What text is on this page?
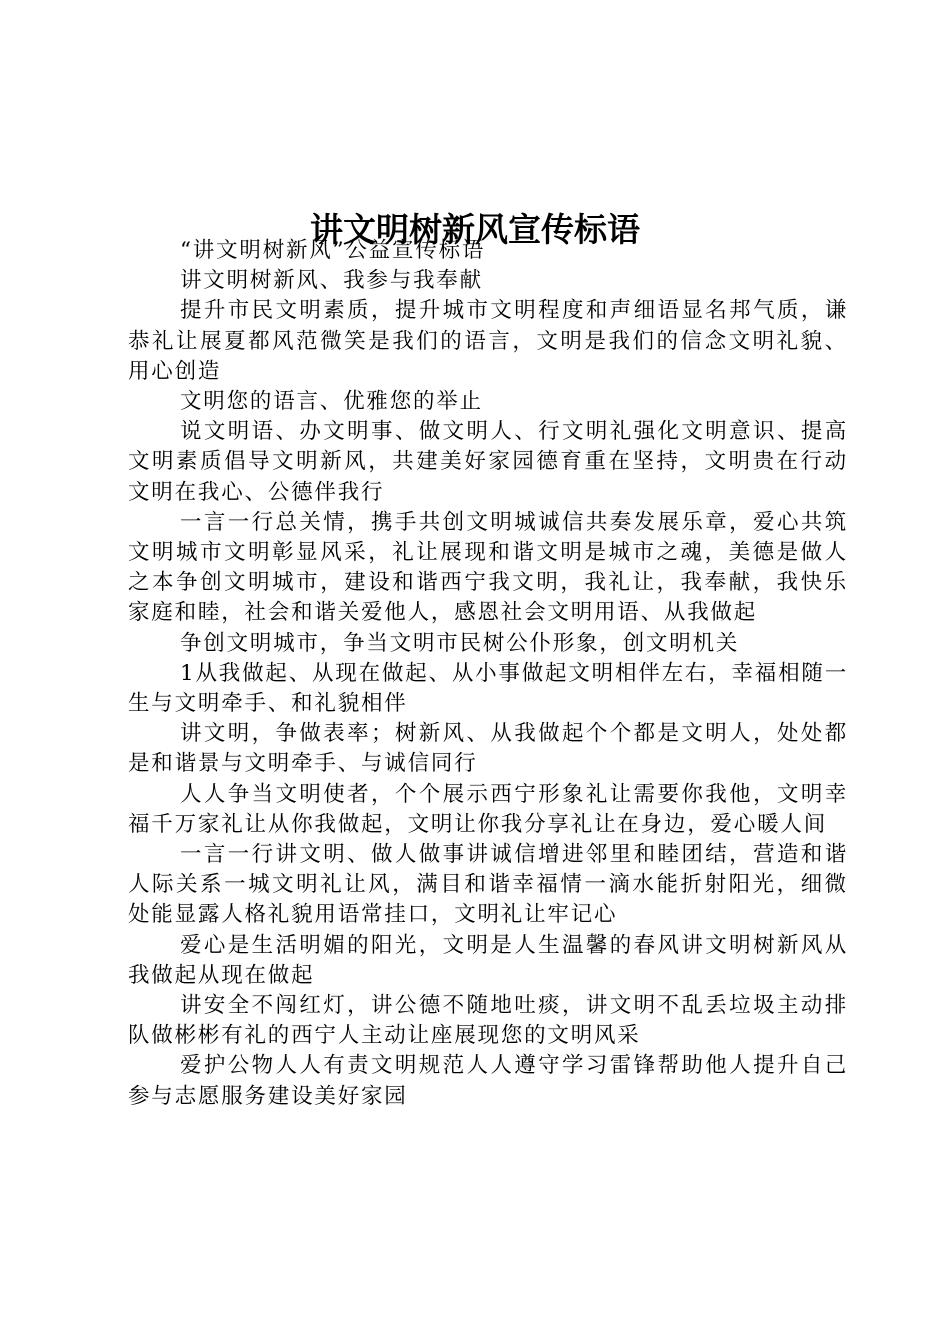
讲文明树新风宣传标语

“讲文明树新风”公益宣传标语

讲文明树新风、我参与我奉献

提升市民文明素质，提升城市文明程度和声细语显名邦气质，谦恭礼让展夏都风范微笑是我们的语言，文明是我们的信念文明礼貌、用心创造

文明您的语言、优雅您的举止

说文明语、办文明事、做文明人、行文明礼强化文明意识、提高文明素质倡导文明新风，共建美好家园德育重在坚持，文明贵在行动文明在我心、公德伴我行

一言一行总关情，携手共创文明城诚信共奏发展乐章，爱心共筑文明城市文明彰显风采，礼让展现和谐文明是城市之魂，美德是做人之本争创文明城市，建设和谐西宁我文明，我礼让，我奉献，我快乐家庭和睦，社会和谐关爱他人，感恩社会文明用语、从我做起

争创文明城市，争当文明市民树公仆形象，创文明机关

1从我做起、从现在做起、从小事做起文明相伴左右，幸福相随一生与文明牵手、和礼貌相伴

讲文明，争做表率；树新风、从我做起个个都是文明人，处处都是和谐景与文明牵手、与诚信同行

人人争当文明使者，个个展示西宁形象礼让需要你我他，文明幸福千万家礼让从你我做起，文明让你我分享礼让在身边，爱心暖人间

一言一行讲文明、做人做事讲诚信增进邻里和睦团结，营造和谐人际关系一城文明礼让风，满目和谐幸福情一滴水能折射阳光，细微处能显露人格礼貌用语常挂口，文明礼让牢记心

爱心是生活明媚的阳光，文明是人生温馨的春风讲文明树新风从我做起从现在做起

讲安全不闯红灯，讲公德不随地吐痰，讲文明不乱丢垃圾主动排队做彬彬有礼的西宁人主动让座展现您的文明风采

爱护公物人人有责文明规范人人遵守学习雷锋帮助他人提升自己参与志愿服务建设美好家园
